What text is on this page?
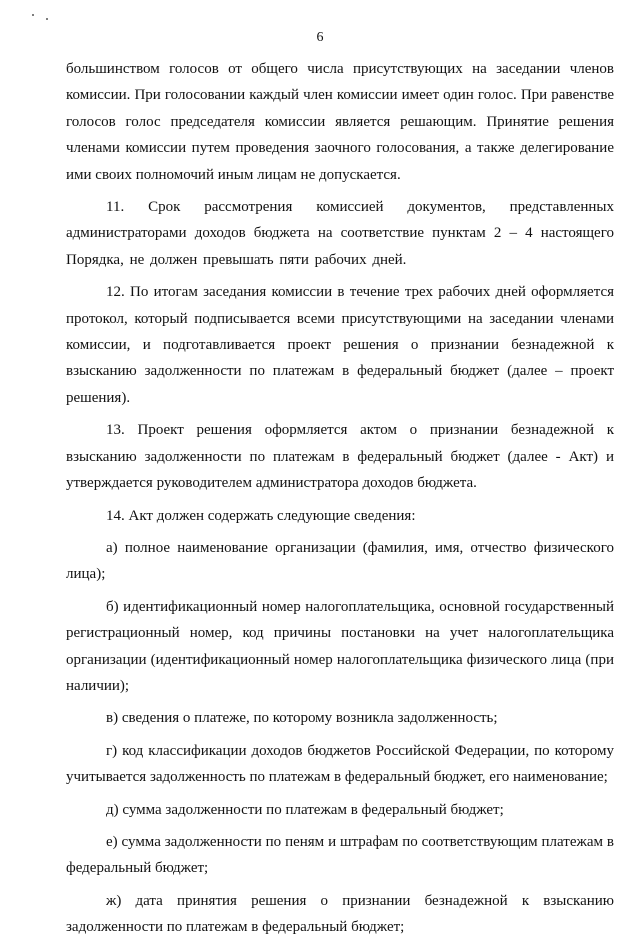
6

большинством голосов от общего числа присутствующих на заседании членов комиссии. При голосовании каждый член комиссии имеет один голос. При равенстве голосов голос председателя комиссии является решающим. Принятие решения членами комиссии путем проведения заочного голосования, а также делегирование ими своих полномочий иным лицам не допускается.

11. Срок рассмотрения комиссией документов, представленных администраторами доходов бюджета на соответствие пунктам 2 – 4 настоящего Порядка, не должен превышать пяти рабочих дней.

12. По итогам заседания комиссии в течение трех рабочих дней оформляется протокол, который подписывается всеми присутствующими на заседании членами комиссии, и подготавливается проект решения о признании безнадежной к взысканию задолженности по платежам в федеральный бюджет (далее – проект решения).

13. Проект решения оформляется актом о признании безнадежной к взысканию задолженности по платежам в федеральный бюджет (далее - Акт) и утверждается руководителем администратора доходов бюджета.

14. Акт должен содержать следующие сведения:

а) полное наименование организации (фамилия, имя, отчество физического лица);

б) идентификационный номер налогоплательщика, основной государственный регистрационный номер, код причины постановки на учет налогоплательщика организации (идентификационный номер налогоплательщика физического лица (при наличии);

в) сведения о платеже, по которому возникла задолженность;

г) код классификации доходов бюджетов Российской Федерации, по которому учитывается задолженность по платежам в федеральный бюджет, его наименование;

д) сумма задолженности по платежам в федеральный бюджет;

е) сумма задолженности по пеням и штрафам по соответствующим платежам в федеральный бюджет;

ж) дата принятия решения о признании безнадежной к взысканию задолженности по платежам в федеральный бюджет;
